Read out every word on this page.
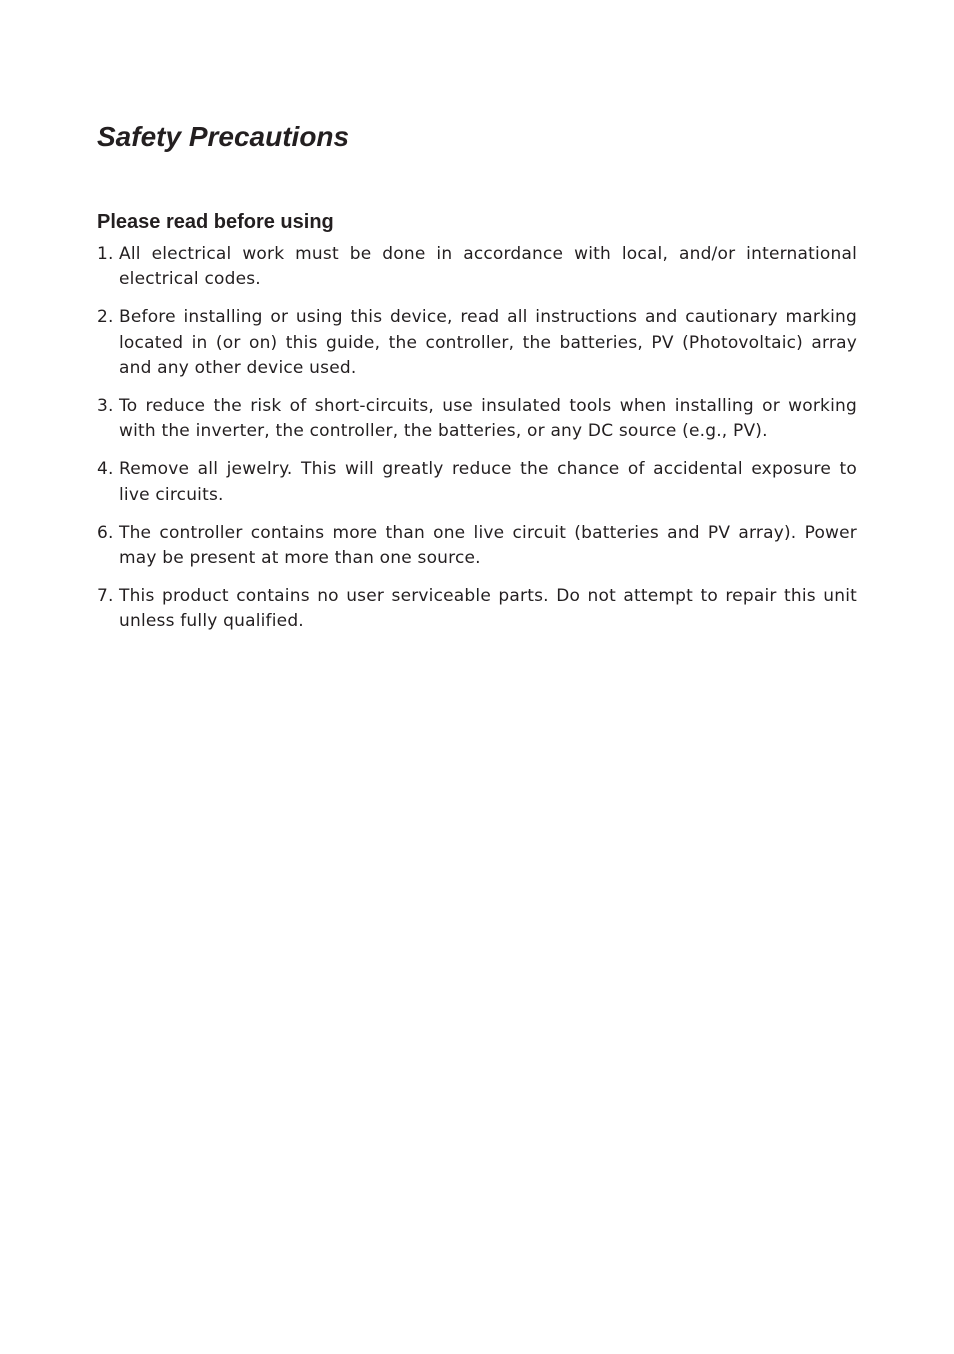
Safety Precautions
Please read before using
1. All electrical work must be done in accordance with local, and/or international electrical codes.
2. Before installing or using this device, read all instructions and cautionary marking located in (or on) this guide, the controller, the batteries, PV (Photovoltaic) array and any other device used.
3. To reduce the risk of short-circuits, use insulated tools when installing or working with the inverter, the controller, the batteries, or any DC source (e.g., PV).
4. Remove all jewelry. This will greatly reduce the chance of accidental exposure to live circuits.
6. The controller contains more than one live circuit (batteries and PV array). Power may be present at more than one source.
7. This product contains no user serviceable parts. Do not attempt to repair this unit unless fully qualified.
